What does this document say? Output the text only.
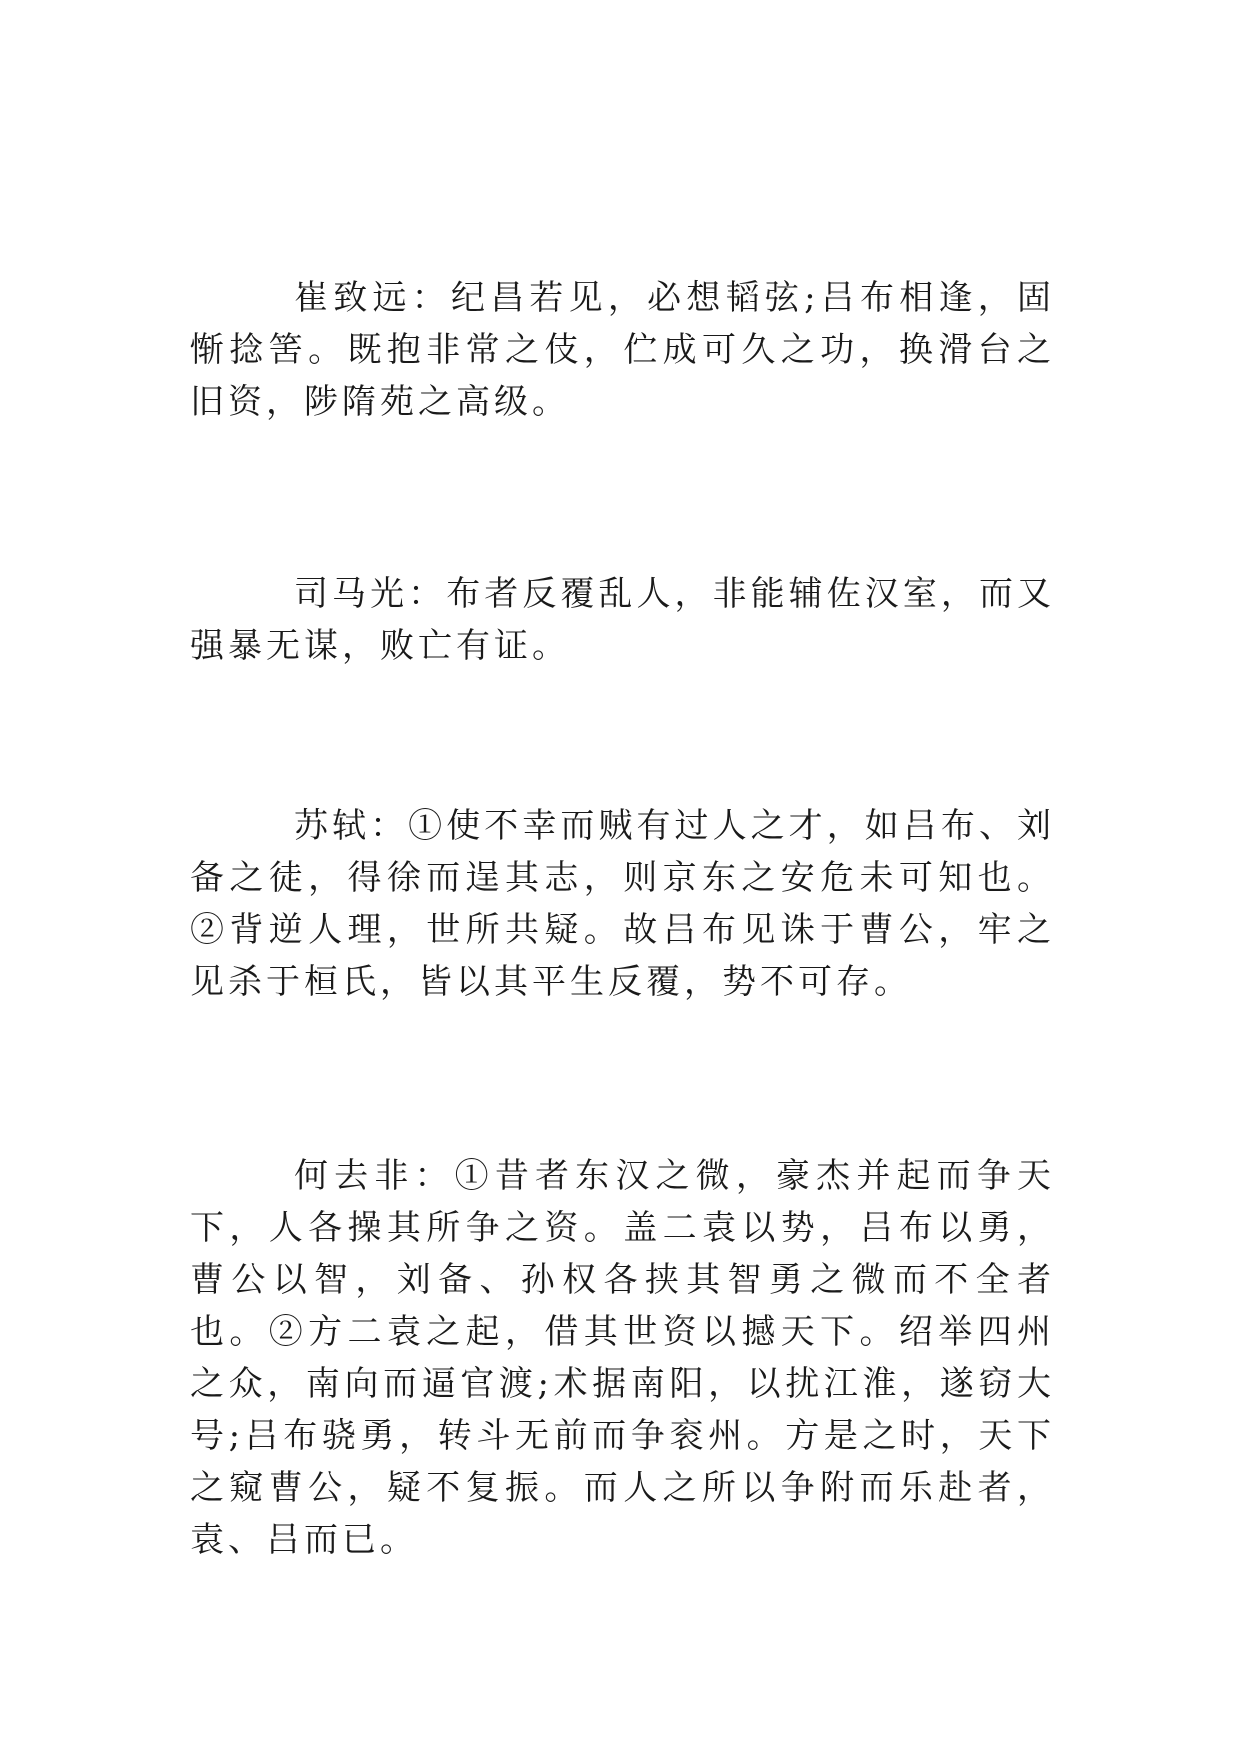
崔致远：纪昌若见，必想韬弦;吕布相逢，固惭捻筈。既抱非常之伎，伫成可久之功，换滑台之旧资，陟隋苑之高级。

司马光：布者反覆乱人，非能辅佐汉室，而又强暴无谋，败亡有证。

苏轼：①使不幸而贼有过人之才，如吕布、刘备之徒，得徐而逞其志，则京东之安危未可知也。 ②背逆人理，世所共疑。故吕布见诛于曹公，牢之见杀于桓氏，皆以其平生反覆，势不可存。

何去非：①昔者东汉之微，豪杰并起而争天下，人各操其所争之资。盖二袁以势，吕布以勇，曹公以智，刘备、孙权各挟其智勇之微而不全者也。②方二袁之起，借其世资以撼天下。绍举四州之众，南向而逼官渡;术据南阳，以扰江淮，遂窃大号;吕布骁勇，转斗无前而争衮州。方是之时，天下之窥曹公，疑不复振。而人之所以争附而乐赴者，袁、吕而已。
